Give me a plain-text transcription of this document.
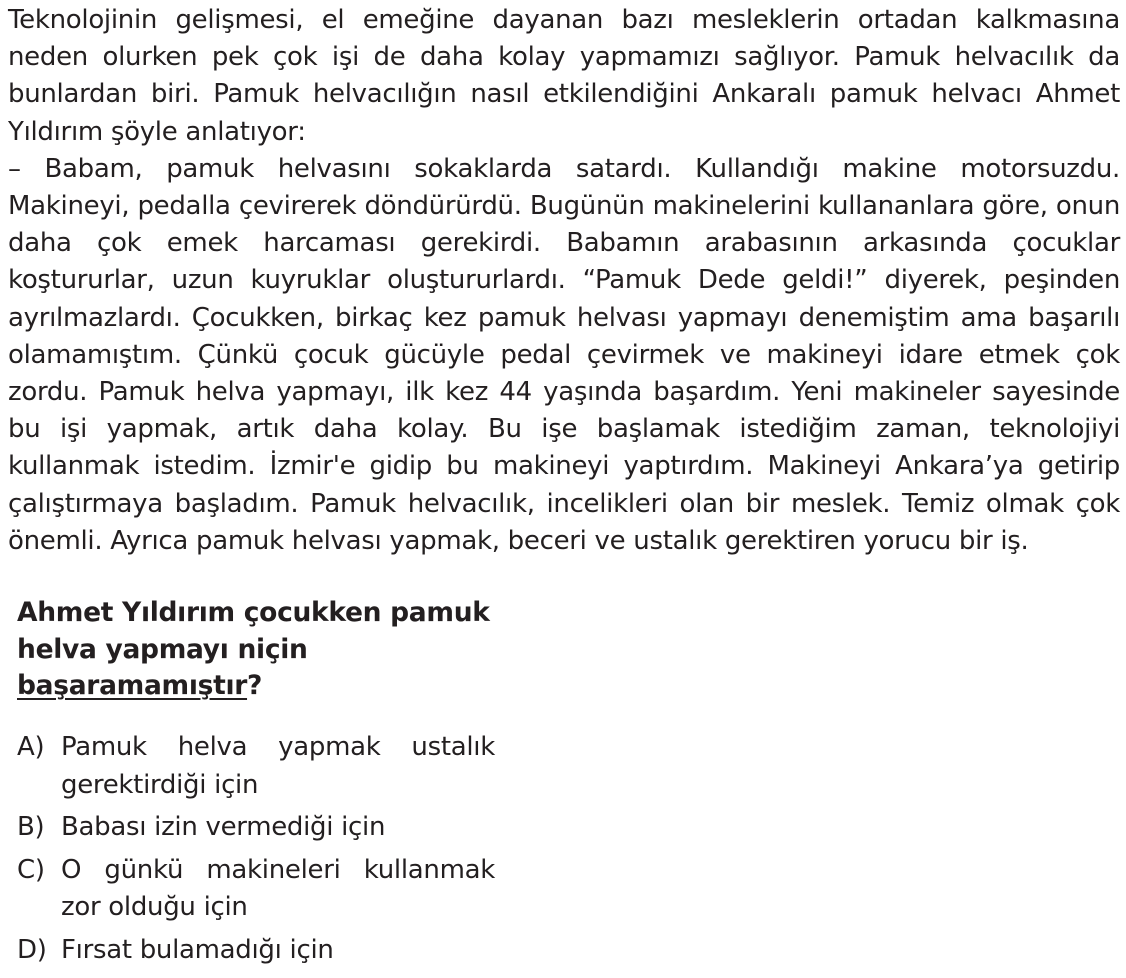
Teknolojinin gelişmesi, el emeğine dayanan bazı mesleklerin ortadan kalkmasına neden olurken pek çok işi de daha kolay yapmamızı sağlıyor. Pamuk helvacılık da bunlardan biri. Pamuk helvacılığın nasıl etkilendiğini Ankaralı pamuk helvacı Ahmet Yıldırım şöyle anlatıyor:

– Babam, pamuk helvasını sokaklarda satardı. Kullandığı makine motorsuzdu. Makineyi, pedalla çevirerek döndürürdü. Bugünün makinelerini kullananlara göre, onun daha çok emek harcaması gerekirdi. Babamın arabasının arkasında çocuklar koştururlar, uzun kuyruklar oluştururlardı. “Pamuk Dede geldi!” diyerek, peşinden ayrılmazlardı. Çocukken, birkaç kez pamuk helvası yapmayı denemiştim ama başarılı olamamıştım. Çünkü çocuk gücüyle pedal çevirmek ve makineyi idare etmek çok zordu. Pamuk helva yapmayı, ilk kez 44 yaşında başardım. Yeni makineler sayesinde bu işi yapmak, artık daha kolay. Bu işe başlamak istediğim zaman, teknolojiyi kullanmak istedim. İzmir'e gidip bu makineyi yaptırdım. Makineyi Ankara’ya getirip çalıştırmaya başladım. Pamuk helvacılık, incelikleri olan bir meslek. Temiz olmak çok önemli. Ayrıca pamuk helvası yapmak, beceri ve ustalık gerektiren yorucu bir iş.

Ahmet Yıldırım çocukken pamuk helva yapmayı niçin başaramamıştır?
A) Pamuk helva yapmak ustalık gerektirdiği için
B) Babası izin vermediği için
C) O günkü makineleri kullanmak zor olduğu için
D) Fırsat bulamadığı için
